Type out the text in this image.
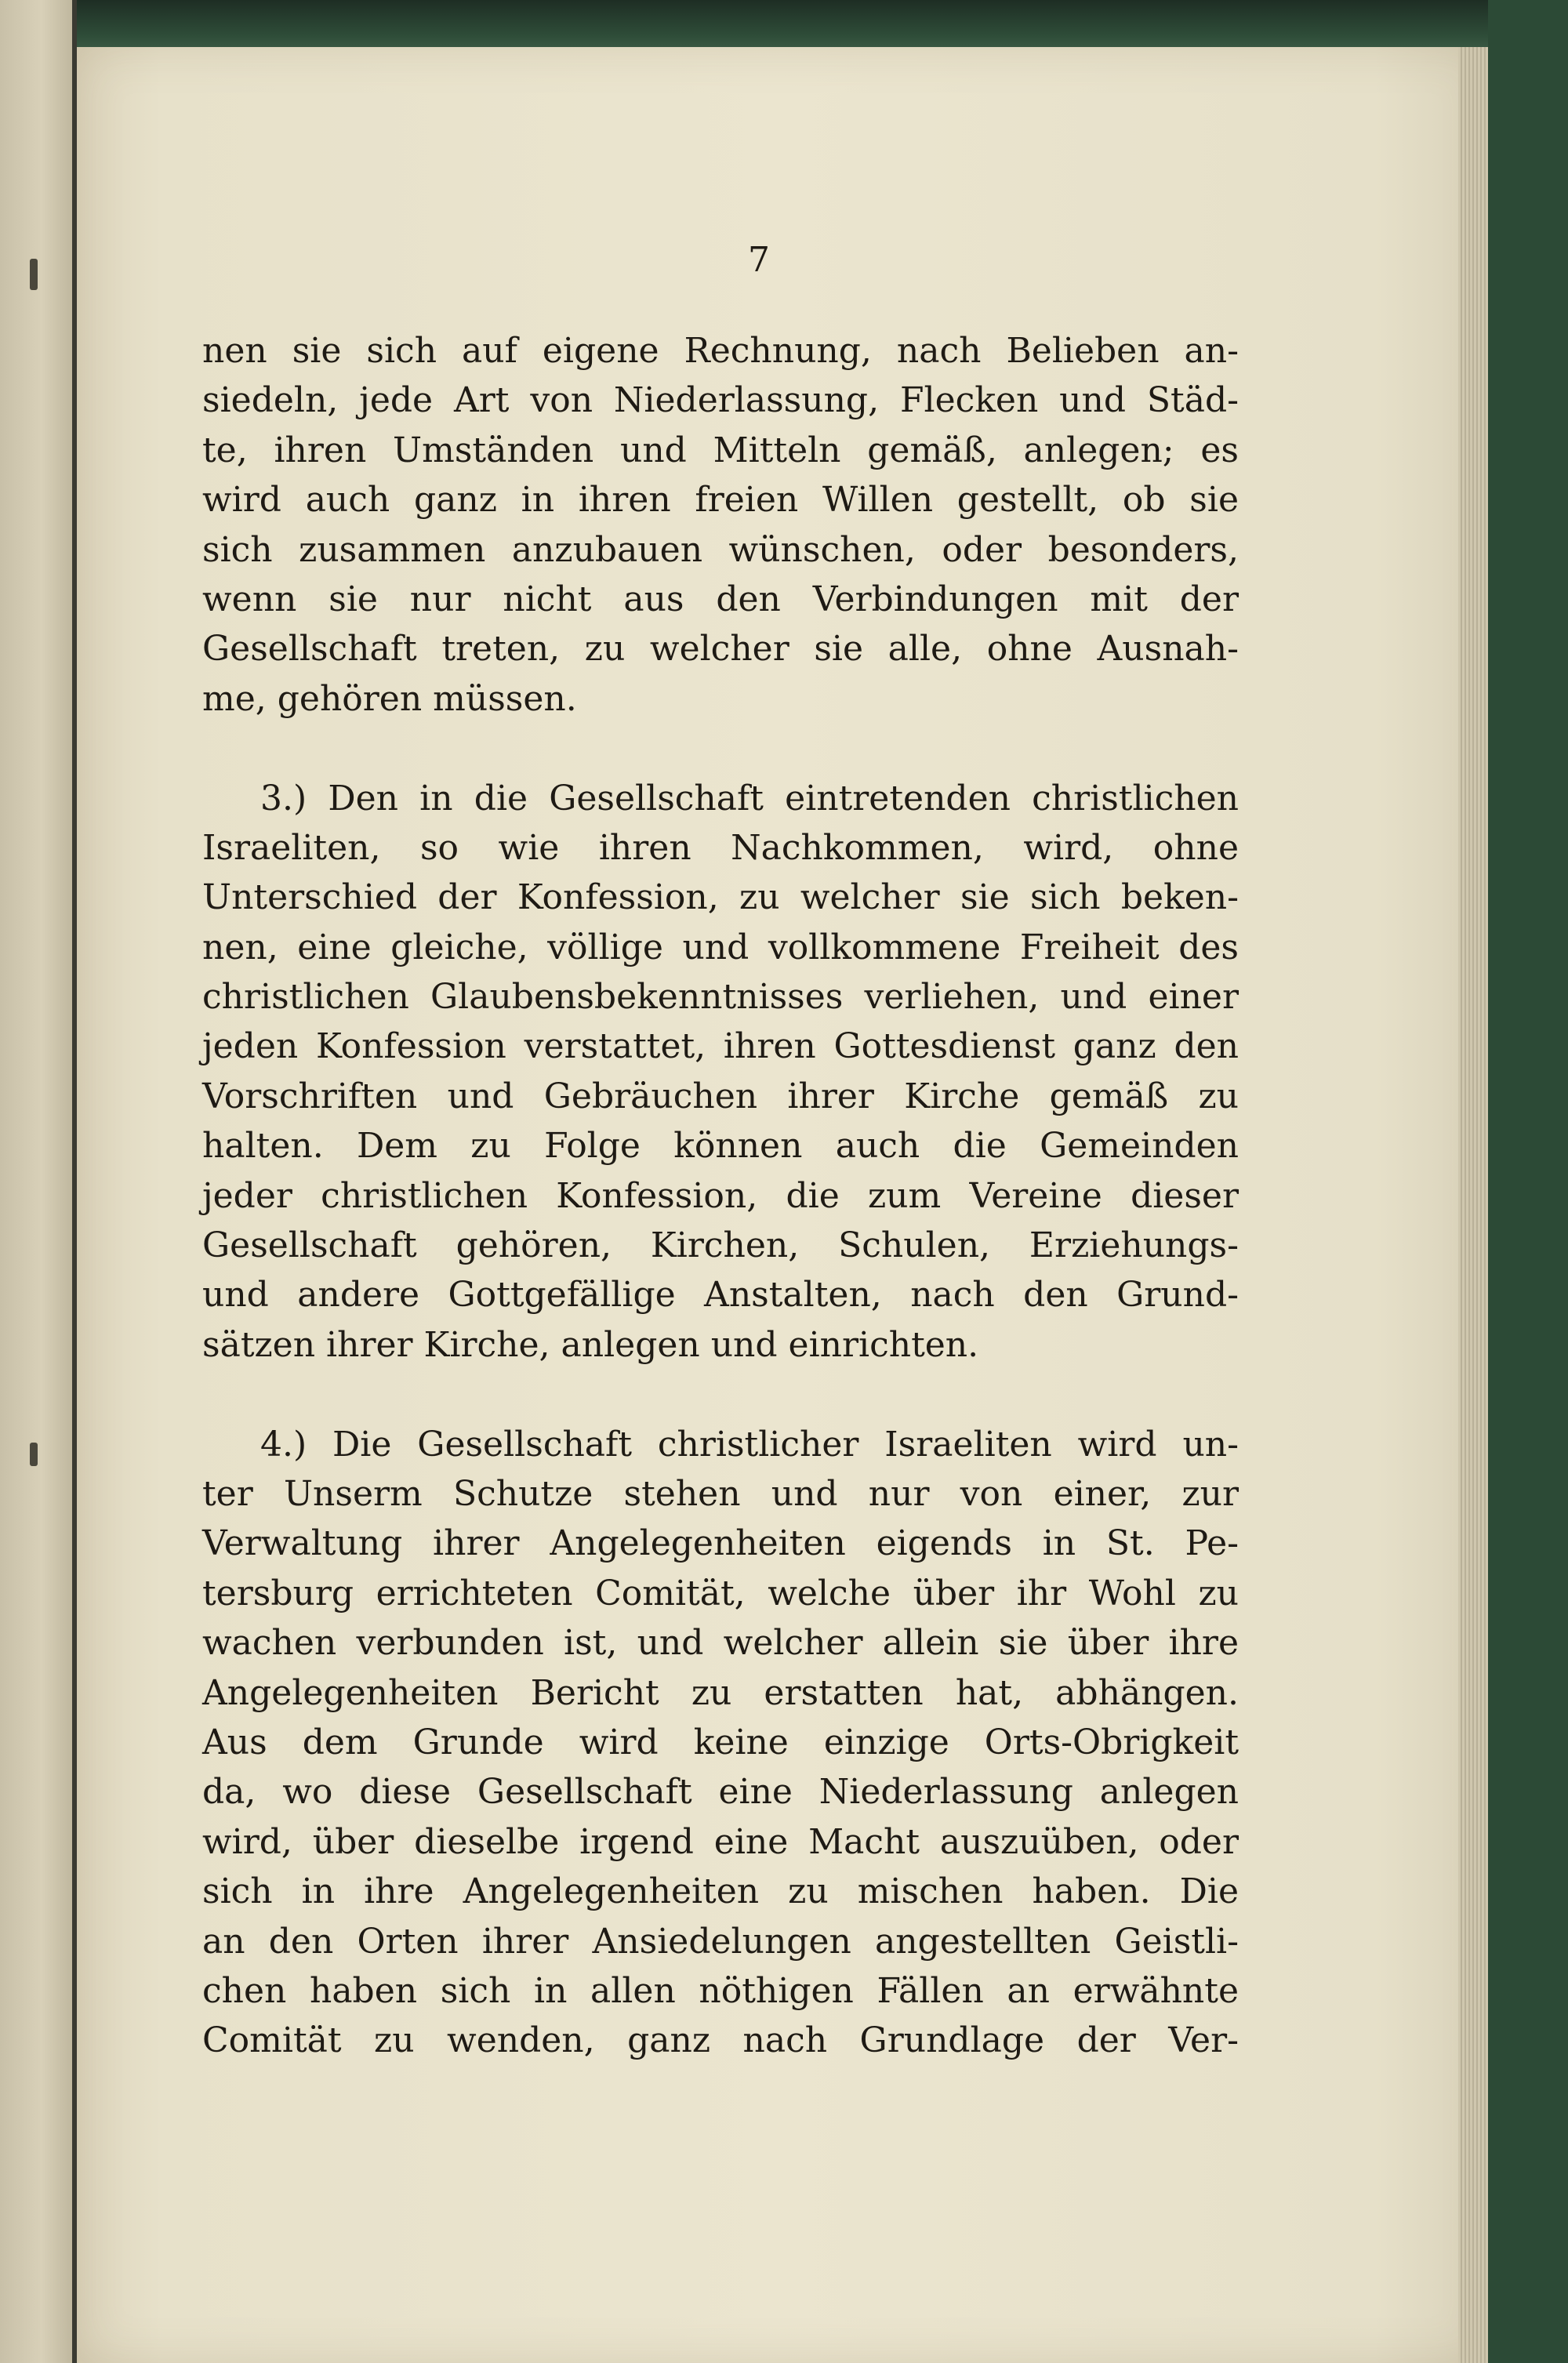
7
nen sie sich auf eigene Rechnung, nach Belieben an-
siedeln, jede Art von Niederlassung, Flecken und Städ-
te, ihren Umständen und Mitteln gemäß, anlegen; es
wird auch ganz in ihren freien Willen gestellt, ob sie
sich zusammen anzubauen wünschen, oder besonders,
wenn sie nur nicht aus den Verbindungen mit der
Gesellschaft treten, zu welcher sie alle, ohne Ausnah-
me, gehören müssen.
3.) Den in die Gesellschaft eintretenden christlichen
Israeliten, so wie ihren Nachkommen, wird, ohne
Unterschied der Konfession, zu welcher sie sich beken-
nen, eine gleiche, völlige und vollkommene Freiheit des
christlichen Glaubensbekenntnisses verliehen, und einer
jeden Konfession verstattet, ihren Gottesdienst ganz den
Vorschriften und Gebräuchen ihrer Kirche gemäß zu
halten. Dem zu Folge können auch die Gemeinden
jeder christlichen Konfession, die zum Vereine dieser
Gesellschaft gehören, Kirchen, Schulen, Erziehungs-
und andere Gottgefällige Anstalten, nach den Grund-
sätzen ihrer Kirche, anlegen und einrichten.
4.) Die Gesellschaft christlicher Israeliten wird un-
ter Unserm Schutze stehen und nur von einer, zur
Verwaltung ihrer Angelegenheiten eigends in St. Pe-
tersburg errichteten Comität, welche über ihr Wohl zu
wachen verbunden ist, und welcher allein sie über ihre
Angelegenheiten Bericht zu erstatten hat, abhängen.
Aus dem Grunde wird keine einzige Orts-Obrigkeit
da, wo diese Gesellschaft eine Niederlassung anlegen
wird, über dieselbe irgend eine Macht auszuüben, oder
sich in ihre Angelegenheiten zu mischen haben. Die
an den Orten ihrer Ansiedelungen angestellten Geistli-
chen haben sich in allen nöthigen Fällen an erwähnte
Comität zu wenden, ganz nach Grundlage der Ver-
